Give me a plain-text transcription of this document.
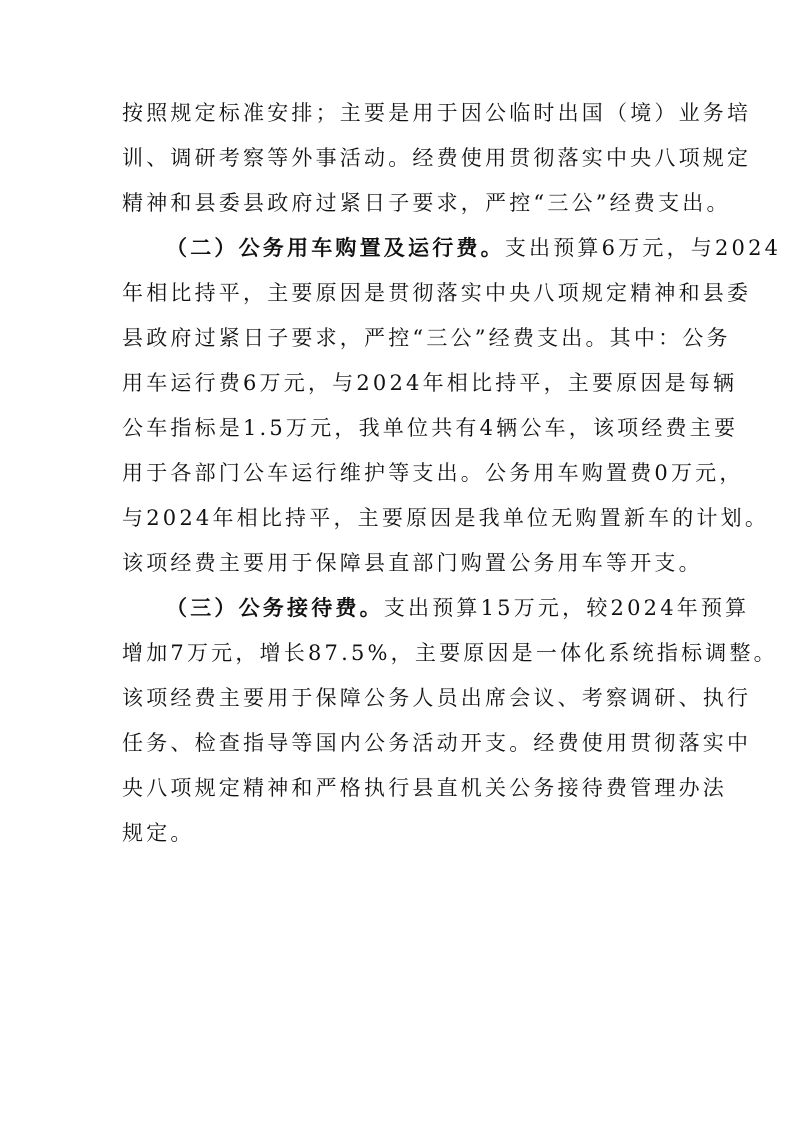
按照规定标准安排；主要是用于因公临时出国（境）业务培
训、调研考察等外事活动。经费使用贯彻落实中央八项规定
精神和县委县政府过紧日子要求，严控“三公”经费支出。
（二）公务用车购置及运行费。支出预算6万元，与2024
年相比持平，主要原因是贯彻落实中央八项规定精神和县委
县政府过紧日子要求，严控“三公”经费支出。其中：公务
用车运行费6万元，与2024年相比持平，主要原因是每辆
公车指标是1.5万元，我单位共有4辆公车，该项经费主要
用于各部门公车运行维护等支出。公务用车购置费0万元，
与2024年相比持平，主要原因是我单位无购置新车的计划。
该项经费主要用于保障县直部门购置公务用车等开支。
（三）公务接待费。支出预算15万元，较2024年预算
增加7万元，增长87.5%，主要原因是一体化系统指标调整。
该项经费主要用于保障公务人员出席会议、考察调研、执行
任务、检查指导等国内公务活动开支。经费使用贯彻落实中
央八项规定精神和严格执行县直机关公务接待费管理办法
规定。
